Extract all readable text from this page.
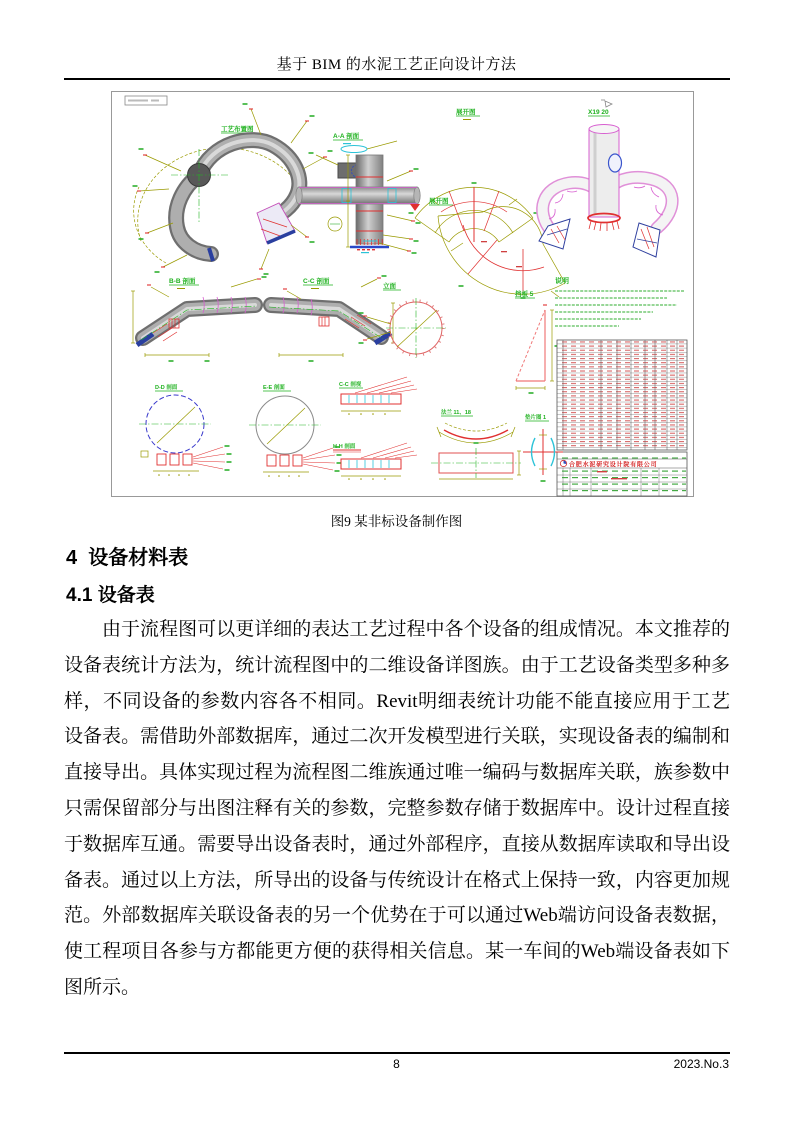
基于 BIM 的水泥工艺正向设计方法
工艺布置图
A-A 剖面
展开图
展开图
X19 20
B-B 剖面	C-C 剖面
立面
挡板 5
说明
合肥水泥研究设计院有限公司
D-D 剖面	E-E 剖面	C-C 剖视
H-H 剖面
法兰 11、18
垫片图 1
图9 某非标设备制作图
4  设备材料表
4.1 设备表
由于流程图可以更详细的表达工艺过程中各个设备的组成情况。本文推荐的设备表统计方法为，统计流程图中的二维设备详图族。由于工艺设备类型多种多样，不同设备的参数内容各不相同。Revit明细表统计功能不能直接应用于工艺设备表。需借助外部数据库，通过二次开发模型进行关联，实现设备表的编制和直接导出。具体实现过程为流程图二维族通过唯一编码与数据库关联，族参数中只需保留部分与出图注释有关的参数，完整参数存储于数据库中。设计过程直接于数据库互通。需要导出设备表时，通过外部程序，直接从数据库读取和导出设备表。通过以上方法，所导出的设备与传统设计在格式上保持一致，内容更加规范。外部数据库关联设备表的另一个优势在于可以通过Web端访问设备表数据，使工程项目各参与方都能更方便的获得相关信息。某一车间的Web端设备表如下图所示。
8	2023.No.3
